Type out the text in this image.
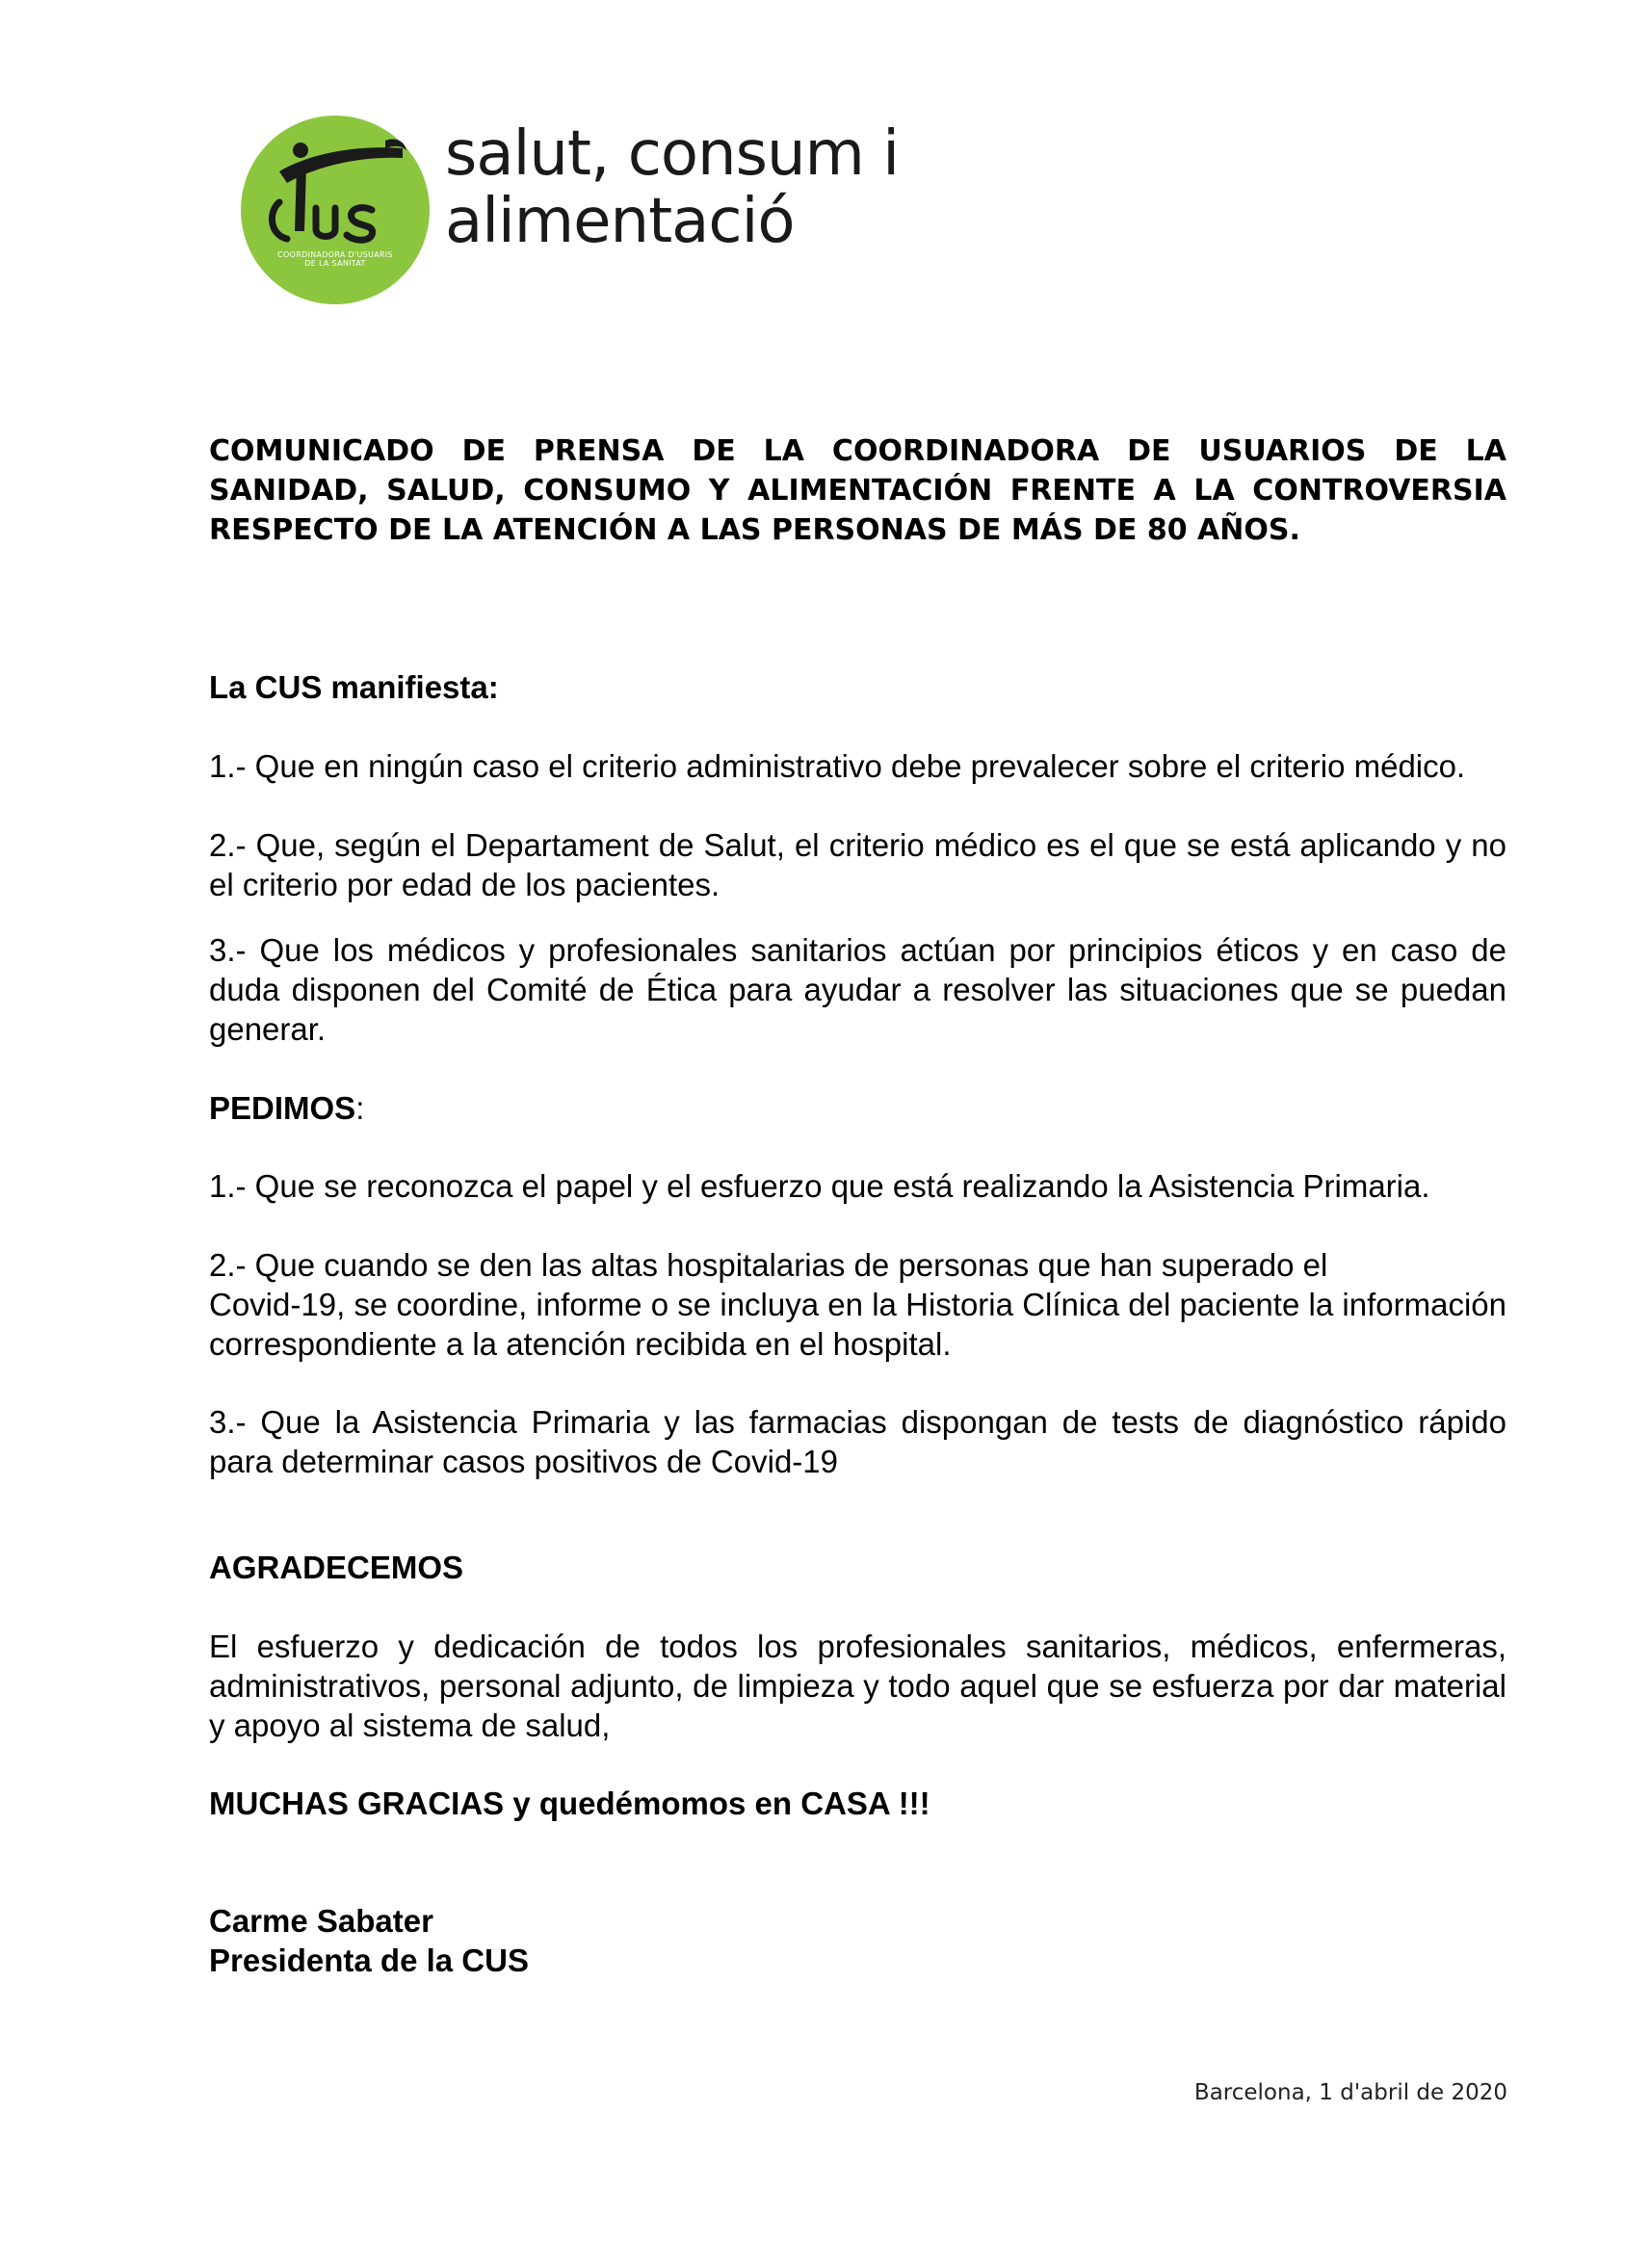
COORDINADORA D'USUARIS
DE LA SANITAT
salut, consum i
alimentació

COMUNICADO DE PRENSA DE LA COORDINADORA DE USUARIOS DE LA SANIDAD, SALUD, CONSUMO Y ALIMENTACIÓN FRENTE A LA CONTROVERSIA RESPECTO DE LA ATENCIÓN A LAS PERSONAS DE MÁS DE 80 AÑOS.

La CUS manifiesta:

1.- Que en ningún caso el criterio administrativo debe prevalecer sobre el criterio médico.

2.- Que, según el Departament de Salut, el criterio médico es el que se está aplicando y no el criterio por edad de los pacientes.

3.- Que los médicos y profesionales sanitarios actúan por principios éticos y en caso de duda disponen del Comité de Ética para ayudar a resolver las situaciones que se puedan generar.

PEDIMOS:

1.- Que se reconozca el papel y el esfuerzo que está realizando la Asistencia Primaria.

2.- Que cuando se den las altas hospitalarias de personas que han superado el

Covid-19, se coordine, informe o se incluya en la Historia Clínica del paciente la información correspondiente a la atención recibida en el hospital.

3.- Que la Asistencia Primaria y las farmacias dispongan de tests de diagnóstico rápido para determinar casos positivos de Covid-19

AGRADECEMOS

El esfuerzo y dedicación de todos los profesionales sanitarios, médicos, enfermeras, administrativos, personal adjunto, de limpieza y todo aquel que se esfuerza por dar material y apoyo al sistema de salud,

MUCHAS GRACIAS y quedémomos en CASA !!!

Carme Sabater

Presidenta de la CUS

Barcelona, 1 d'abril de 2020
